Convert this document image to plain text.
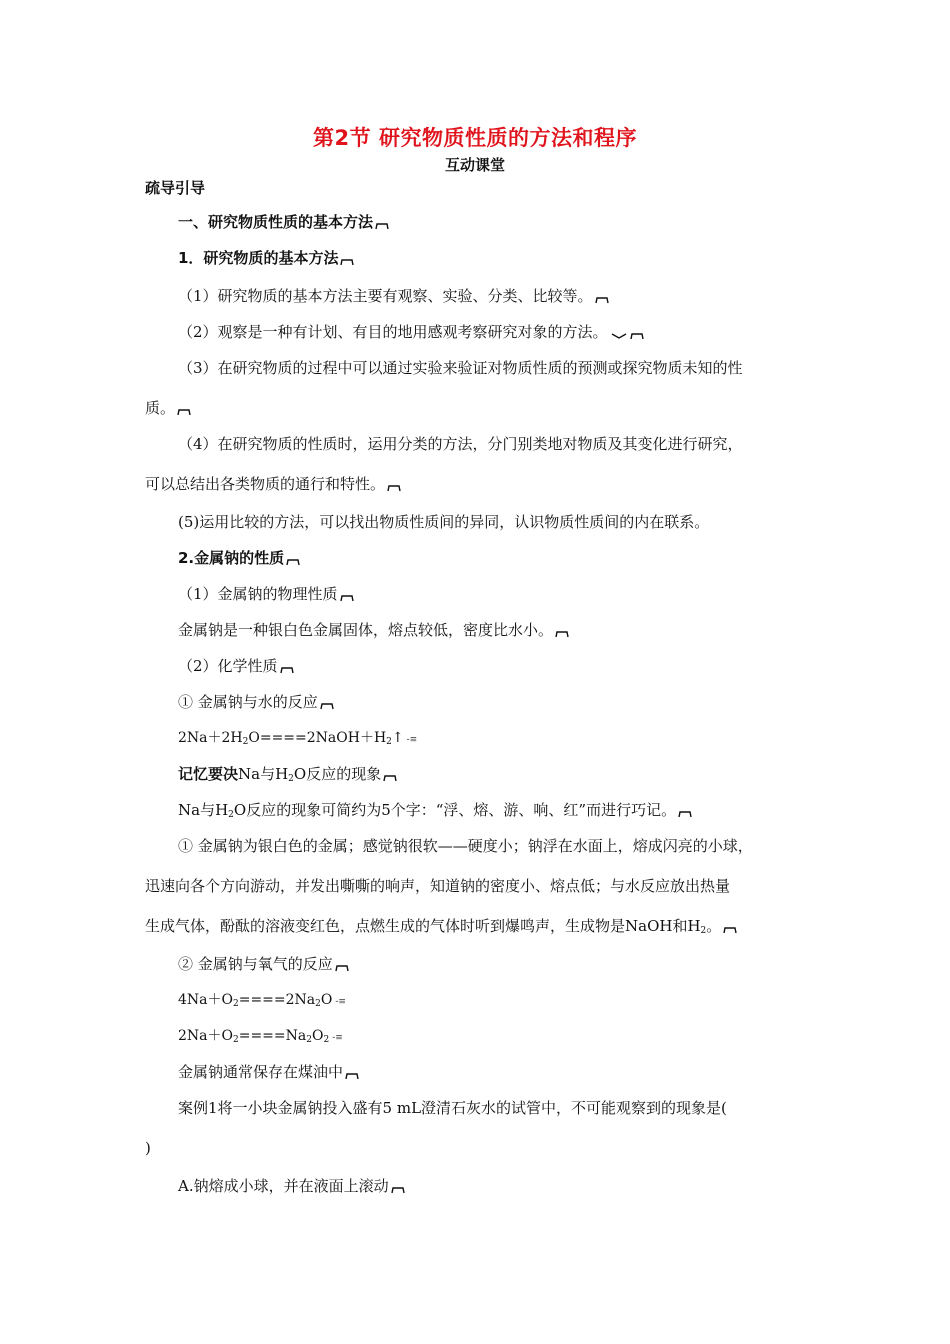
第2节 研究物质性质的方法和程序
互动课堂
疏导引导
一、研究物质性质的基本方法
1．研究物质的基本方法
（1）研究物质的基本方法主要有观察、实验、分类、比较等。
（2）观察是一种有计划、有目的地用感观考察研究对象的方法。
（3）在研究物质的过程中可以通过实验来验证对物质性质的预测或探究物质未知的性
质。
（4）在研究物质的性质时，运用分类的方法，分门别类地对物质及其变化进行研究，
可以总结出各类物质的通行和特性。
(5)运用比较的方法，可以找出物质性质间的异同，认识物质性质间的内在联系。
2.金属钠的性质
（1）金属钠的物理性质
金属钠是一种银白色金属固体，熔点较低，密度比水小。
（2）化学性质
① 金属钠与水的反应
$2Na+2H_2O====2NaOH+H_2↑$ -≡
记忆要决Na与$H_2O$反应的现象
Na与$H_2O$反应的现象可简约为5个字：“浮、熔、游、响、红”而进行巧记。
① 金属钠为银白色的金属；感觉钠很软——硬度小；钠浮在水面上，熔成闪亮的小球，
迅速向各个方向游动，并发出嘶嘶的响声，知道钠的密度小、熔点低；与水反应放出热量
生成气体，酚酞的溶液变红色，点燃生成的气体时听到爆鸣声，生成物是NaOH和$H_2$。
② 金属钠与氧气的反应
$4Na+O_2====2Na_2O$ -≡
$2Na+O_2====Na_2O_2$ -≡
金属钠通常保存在煤油中
案例1将一小块金属钠投入盛有5 mL澄清石灰水的试管中，不可能观察到的现象是(
)
A.钠熔成小球，并在液面上滚动
